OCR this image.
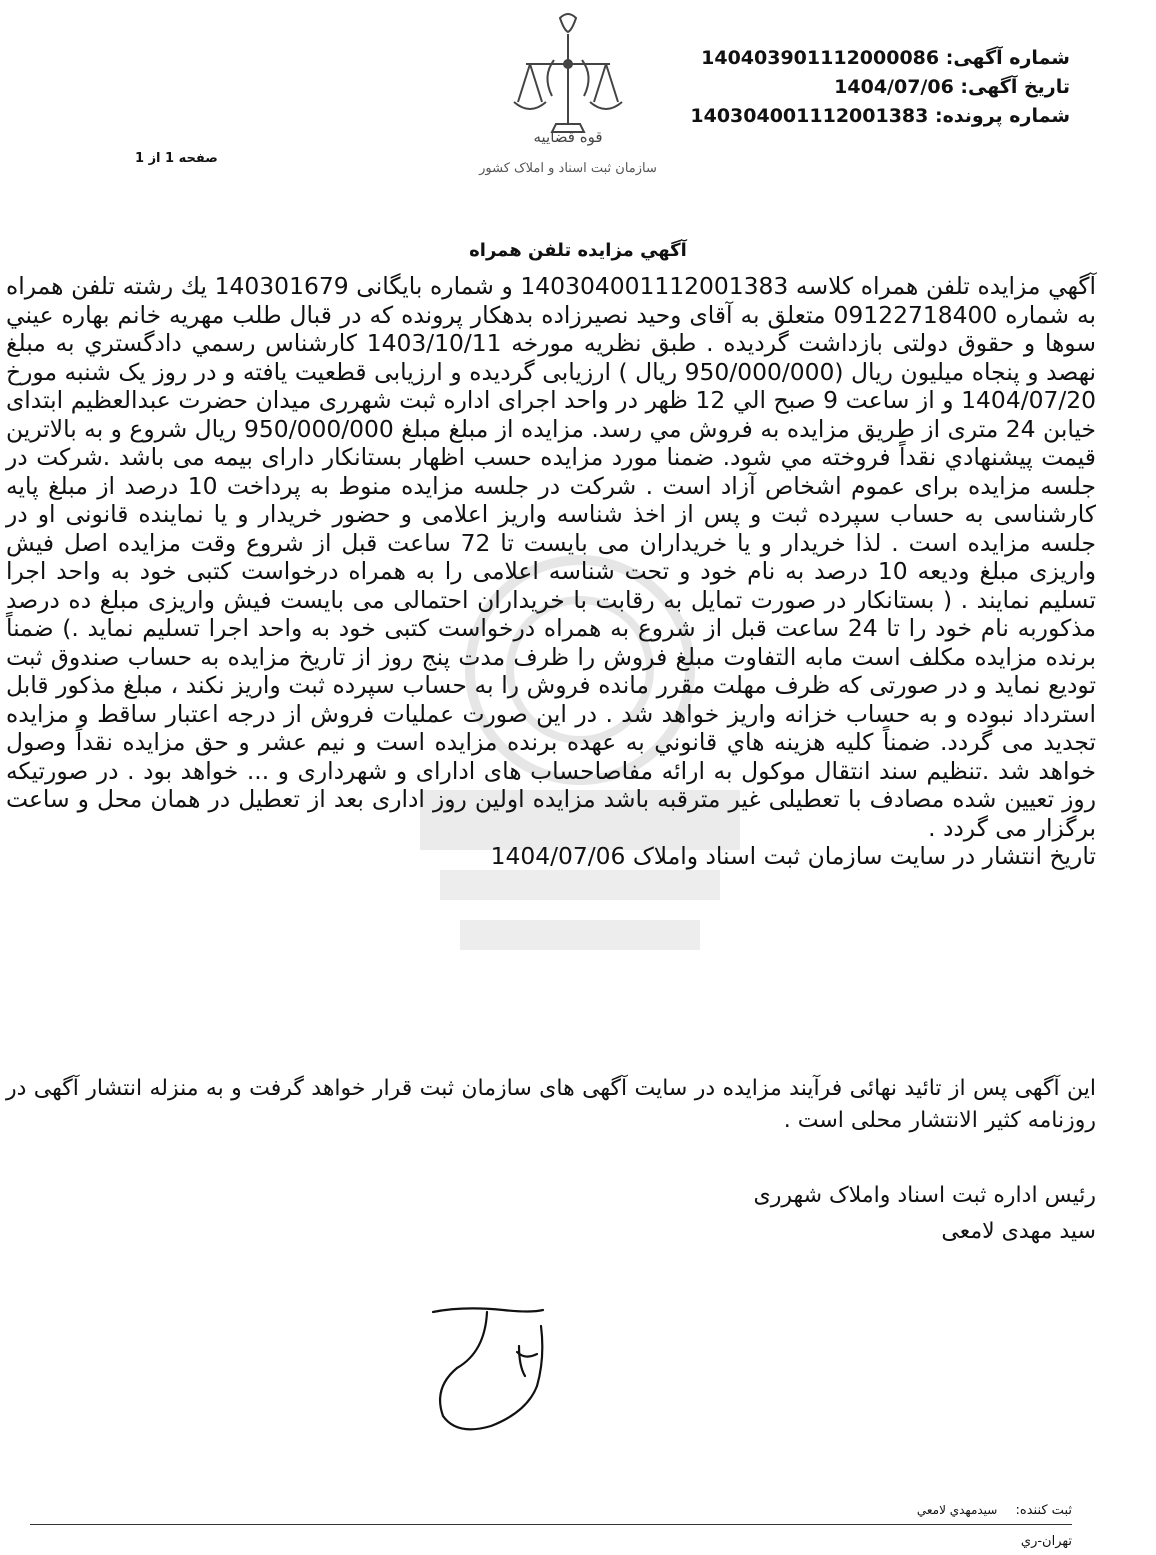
شماره آگهی: 140403901112000086
تاریخ آگهی: 1404/07/06
شماره پرونده: 140304001112001383
صفحه 1 از 1
قوه قضاییه
سازمان ثبت اسناد و املاک کشور
آگهي مزايده تلفن همراه
آگهي مزايده تلفن همراه كلاسه 140304001112001383 و شماره بايگانى 140301679 يك رشته تلفن همراه به شماره 09122718400 متعلق به آقای وحيد نصيرزاده بدهكار پرونده كه در قبال طلب مهريه خانم بهاره عيني سوها و حقوق دولتى بازداشت گرديده . طبق نظريه مورخه 1403/10/11 كارشناس رسمي دادگستري به مبلغ نهصد و پنجاه ميليون ريال (950/000/000 ريال ) ارزيابى گرديده و ارزيابى قطعيت يافته و در روز يک شنبه مورخ 1404/07/20 و از ساعت 9 صبح الي 12 ظهر در واحد اجرای اداره ثبت شهرری ميدان حضرت عبدالعظيم ابتدای خيابن 24 متری از طريق مزايده به فروش مي رسد. مزايده از مبلغ مبلغ 950/000/000 ريال شروع و به بالاترين قيمت پيشنهادي نقداً فروخته مي شود. ضمنا مورد مزايده حسب اظهار بستانكار دارای بيمه می باشد .شركت در جلسه مزايده برای عموم اشخاص آزاد است . شرکت در جلسه مزایده منوط به پرداخت 10 درصد از مبلغ پایه کارشناسی به حساب سپرده ثبت و پس از اخذ شناسه واریز اعلامی و حضور خریدار و یا نماینده قانونی او در جلسه مزایده است . لذا خریدار و یا خریداران می بایست تا 72 ساعت قبل از شروع وقت مزایده اصل فیش واریزی مبلغ ودیعه 10 درصد به نام خود و تحت شناسه اعلامی را به همراه درخواست کتبی خود به واحد اجرا تسلیم نمایند . ( بستانکار در صورت تمایل به رقابت با خریداران احتمالی می بایست فیش واریزی مبلغ ده درصد مذکوربه نام خود را تا 24 ساعت قبل از شروع به همراه درخواست کتبی خود به واحد اجرا تسلیم نماید .) ضمناً برنده مزایده مکلف است مابه التفاوت مبلغ فروش را ظرف مدت پنج روز از تاریخ مزایده به حساب صندوق ثبت تودیع نماید و در صورتی که ظرف مهلت مقرر مانده فروش را به حساب سپرده ثبت واریز نکند ، مبلغ مذکور قابل استرداد نبوده و به حساب خزانه واریز خواهد شد . در این صورت عملیات فروش از درجه اعتبار ساقط و مزایده تجدید می گردد. ضمناً كليه هزينه هاي قانوني به عهده برنده مزايده است و نيم عشر و حق مزايده نقداً وصول خواهد شد .تنظيم سند انتقال موكول به ارائه مفاصاحساب های ادارای و شهرداری و ... خواهد بود . در صورتيكه روز تعيين شده مصادف با تعطيلی غير مترقبه باشد مزايده اولين روز اداری بعد از تعطيل در همان محل و ساعت برگزار می گردد .
تاريخ انتشار در سايت سازمان ثبت اسناد واملاک 1404/07/06
این آگهی پس از تائید نهائی فرآیند مزایده در سایت آگهی های سازمان ثبت قرار خواهد گرفت و به منزله انتشار آگهی در روزنامه کثیر الانتشار محلی است .
رئيس اداره ثبت اسناد واملاک شهرری
سيد مهدی لامعی
ثبت کننده: سيدمهدي لامعي
تهران-ري
